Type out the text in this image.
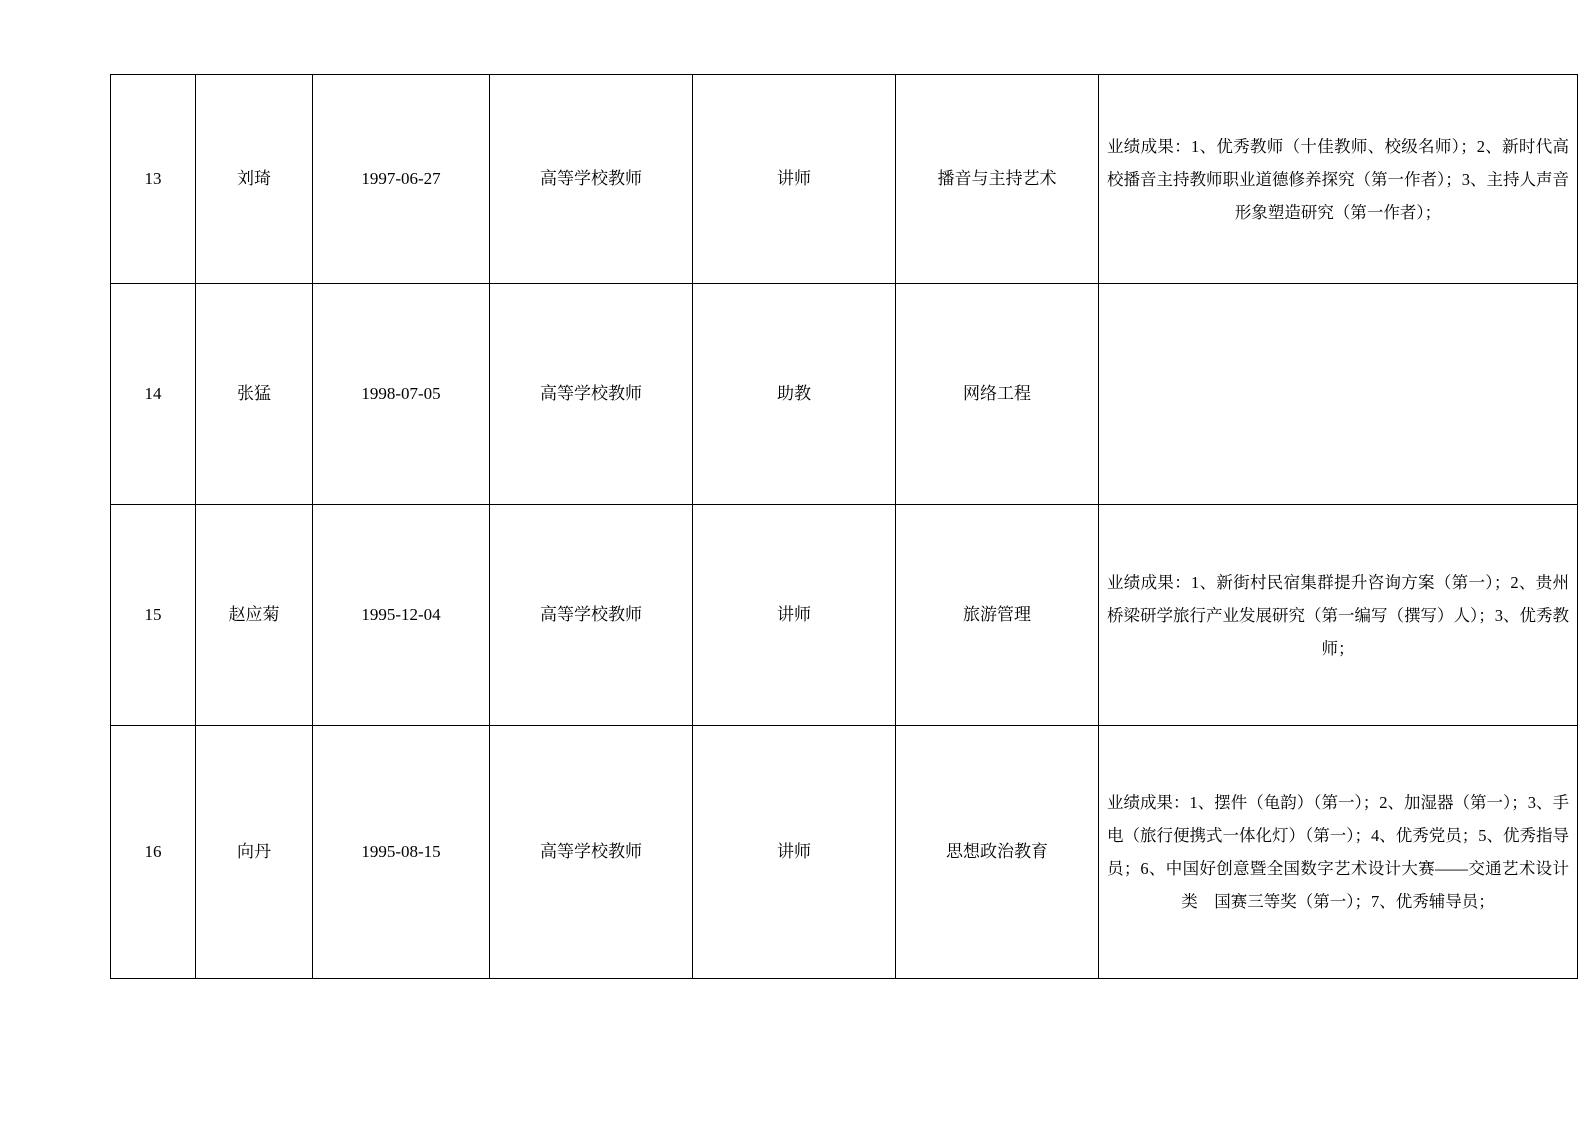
13	刘琦	1997-06-27	高等学校教师	讲师	播音与主持艺术	业绩成果：1、优秀教师（十佳教师、校级名师）；2、新时代高校播音主持教师职业道德修养探究（第一作者）；3、主持人声音形象塑造研究（第一作者）；

14	张猛	1998-07-05	高等学校教师	助教	网络工程	

15	赵应菊	1995-12-04	高等学校教师	讲师	旅游管理	业绩成果：1、新街村民宿集群提升咨询方案（第一）；2、贵州桥梁研学旅行产业发展研究（第一编写（撰写）人）；3、优秀教师；

16	向丹	1995-08-15	高等学校教师	讲师	思想政治教育	业绩成果：1、摆件（龟韵）（第一）；2、加湿器（第一）；3、手电（旅行便携式一体化灯）（第一）；4、优秀党员；5、优秀指导员；6、中国好创意暨全国数字艺术设计大赛——交通艺术设计类　国赛三等奖（第一）；7、优秀辅导员；
